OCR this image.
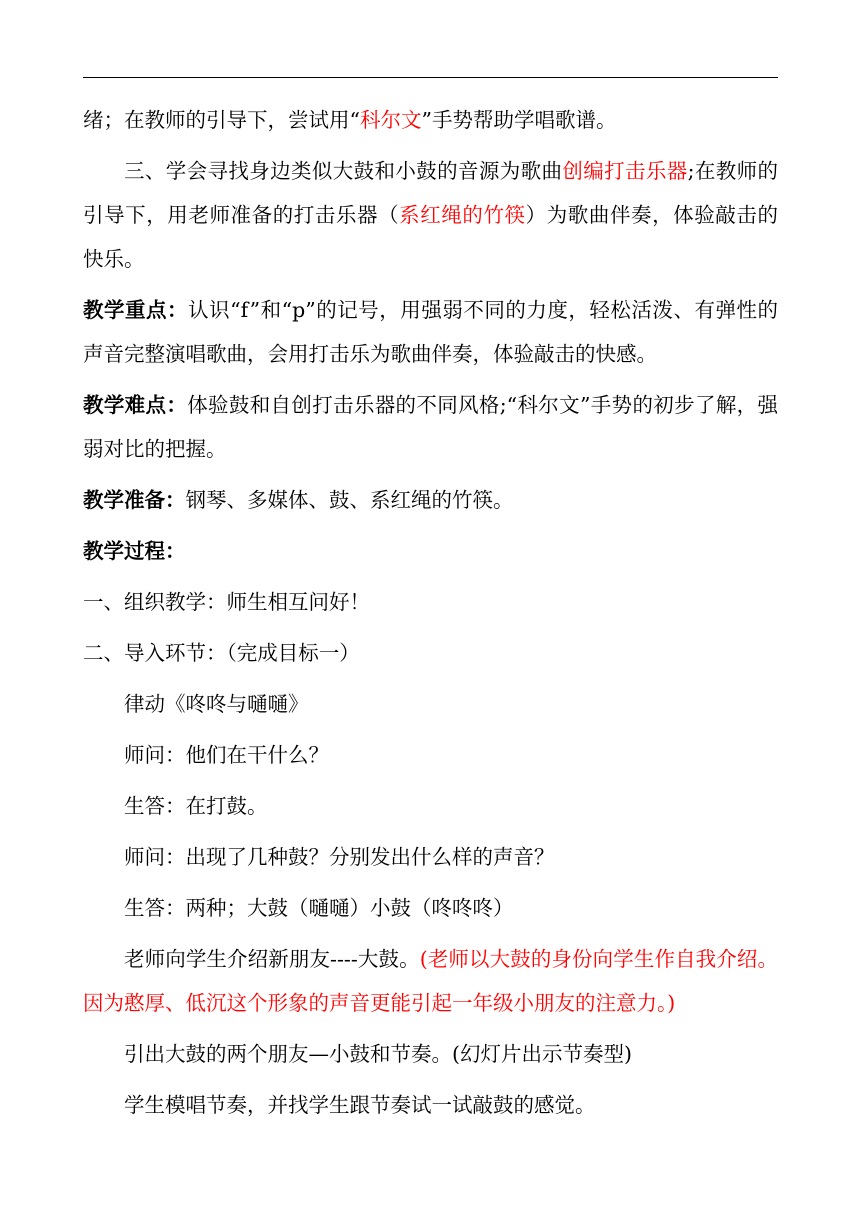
绪；在教师的引导下，尝试用“科尔文”手势帮助学唱歌谱。

三、学会寻找身边类似大鼓和小鼓的音源为歌曲创编打击乐器;在教师的引导下，用老师准备的打击乐器（系红绳的竹筷）为歌曲伴奏，体验敲击的快乐。

教学重点：认识“f”和“p”的记号，用强弱不同的力度，轻松活泼、有弹性的声音完整演唱歌曲，会用打击乐为歌曲伴奏，体验敲击的快感。

教学难点：体验鼓和自创打击乐器的不同风格;“科尔文”手势的初步了解，强弱对比的把握。

教学准备：钢琴、多媒体、鼓、系红绳的竹筷。

教学过程：

一、组织教学：师生相互问好！

二、导入环节：（完成目标一）

律动《咚咚与嗵嗵》

师问：他们在干什么？

生答：在打鼓。

师问：出现了几种鼓？分别发出什么样的声音？

生答：两种；大鼓（嗵嗵）小鼓（咚咚咚）

老师向学生介绍新朋友----大鼓。(老师以大鼓的身份向学生作自我介绍。因为憨厚、低沉这个形象的声音更能引起一年级小朋友的注意力。)

引出大鼓的两个朋友—小鼓和节奏。(幻灯片出示节奏型)

学生模唱节奏，并找学生跟节奏试一试敲鼓的感觉。
